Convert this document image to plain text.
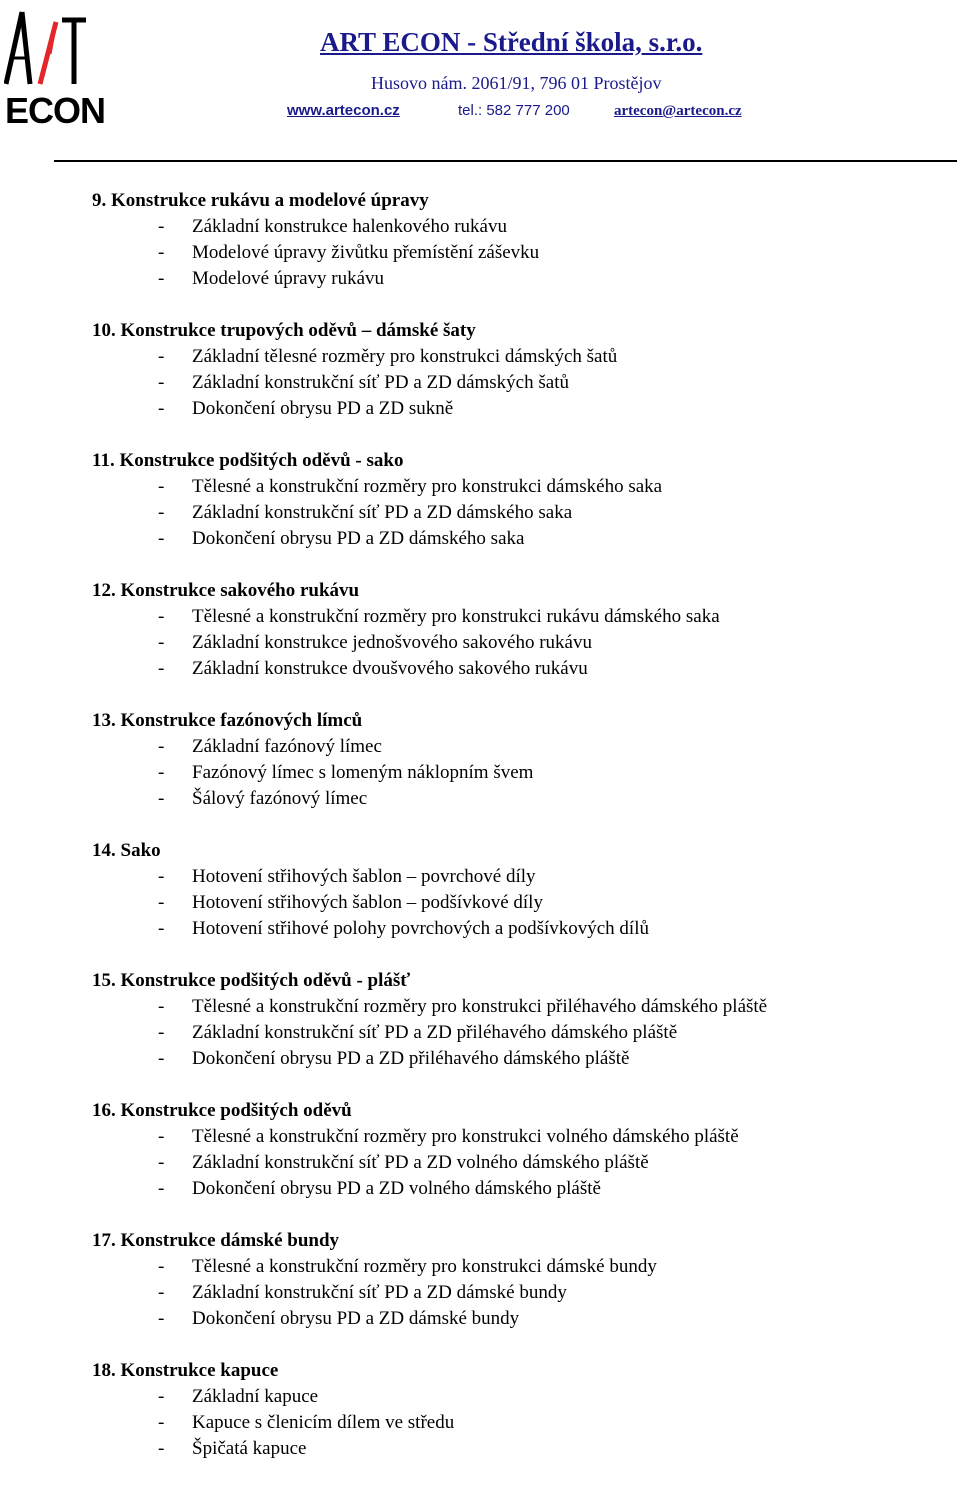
ECON
ART ECON - Střední škola, s.r.o.
Husovo nám. 2061/91, 796 01 Prostějov
www.artecon.cz	tel.: 582 777 200	artecon@artecon.cz
9. Konstrukce rukávu a modelové úpravy
- Základní konstrukce halenkového rukávu
- Modelové úpravy živůtku přemístění záševku
- Modelové úpravy rukávu
10. Konstrukce trupových oděvů – dámské šaty
- Základní tělesné rozměry pro konstrukci dámských šatů
- Základní konstrukční síť PD a ZD dámských šatů
- Dokončení obrysu PD a ZD sukně
11. Konstrukce podšitých oděvů - sako
- Tělesné a konstrukční rozměry pro konstrukci dámského saka
- Základní konstrukční síť PD a ZD dámského saka
- Dokončení obrysu PD a ZD dámského saka
12. Konstrukce sakového rukávu
- Tělesné a konstrukční rozměry pro konstrukci rukávu dámského saka
- Základní konstrukce jednošvového sakového rukávu
- Základní konstrukce dvoušvového sakového rukávu
13. Konstrukce fazónových límců
- Základní fazónový límec
- Fazónový límec s lomeným náklopním švem
- Šálový fazónový límec
14. Sako
- Hotovení střihových šablon – povrchové díly
- Hotovení střihových šablon – podšívkové díly
- Hotovení střihové polohy povrchových a podšívkových dílů
15. Konstrukce podšitých oděvů - plášť
- Tělesné a konstrukční rozměry pro konstrukci přiléhavého dámského pláště
- Základní konstrukční síť PD a ZD přiléhavého dámského pláště
- Dokončení obrysu PD a ZD přiléhavého dámského pláště
16. Konstrukce podšitých oděvů
- Tělesné a konstrukční rozměry pro konstrukci volného dámského pláště
- Základní konstrukční síť PD a ZD volného dámského pláště
- Dokončení obrysu PD a ZD volného dámského pláště
17. Konstrukce dámské bundy
- Tělesné a konstrukční rozměry pro konstrukci dámské bundy
- Základní konstrukční síť PD a ZD dámské bundy
- Dokončení obrysu PD a ZD dámské bundy
18. Konstrukce kapuce
- Základní kapuce
- Kapuce s členicím dílem ve středu
- Špičatá kapuce
